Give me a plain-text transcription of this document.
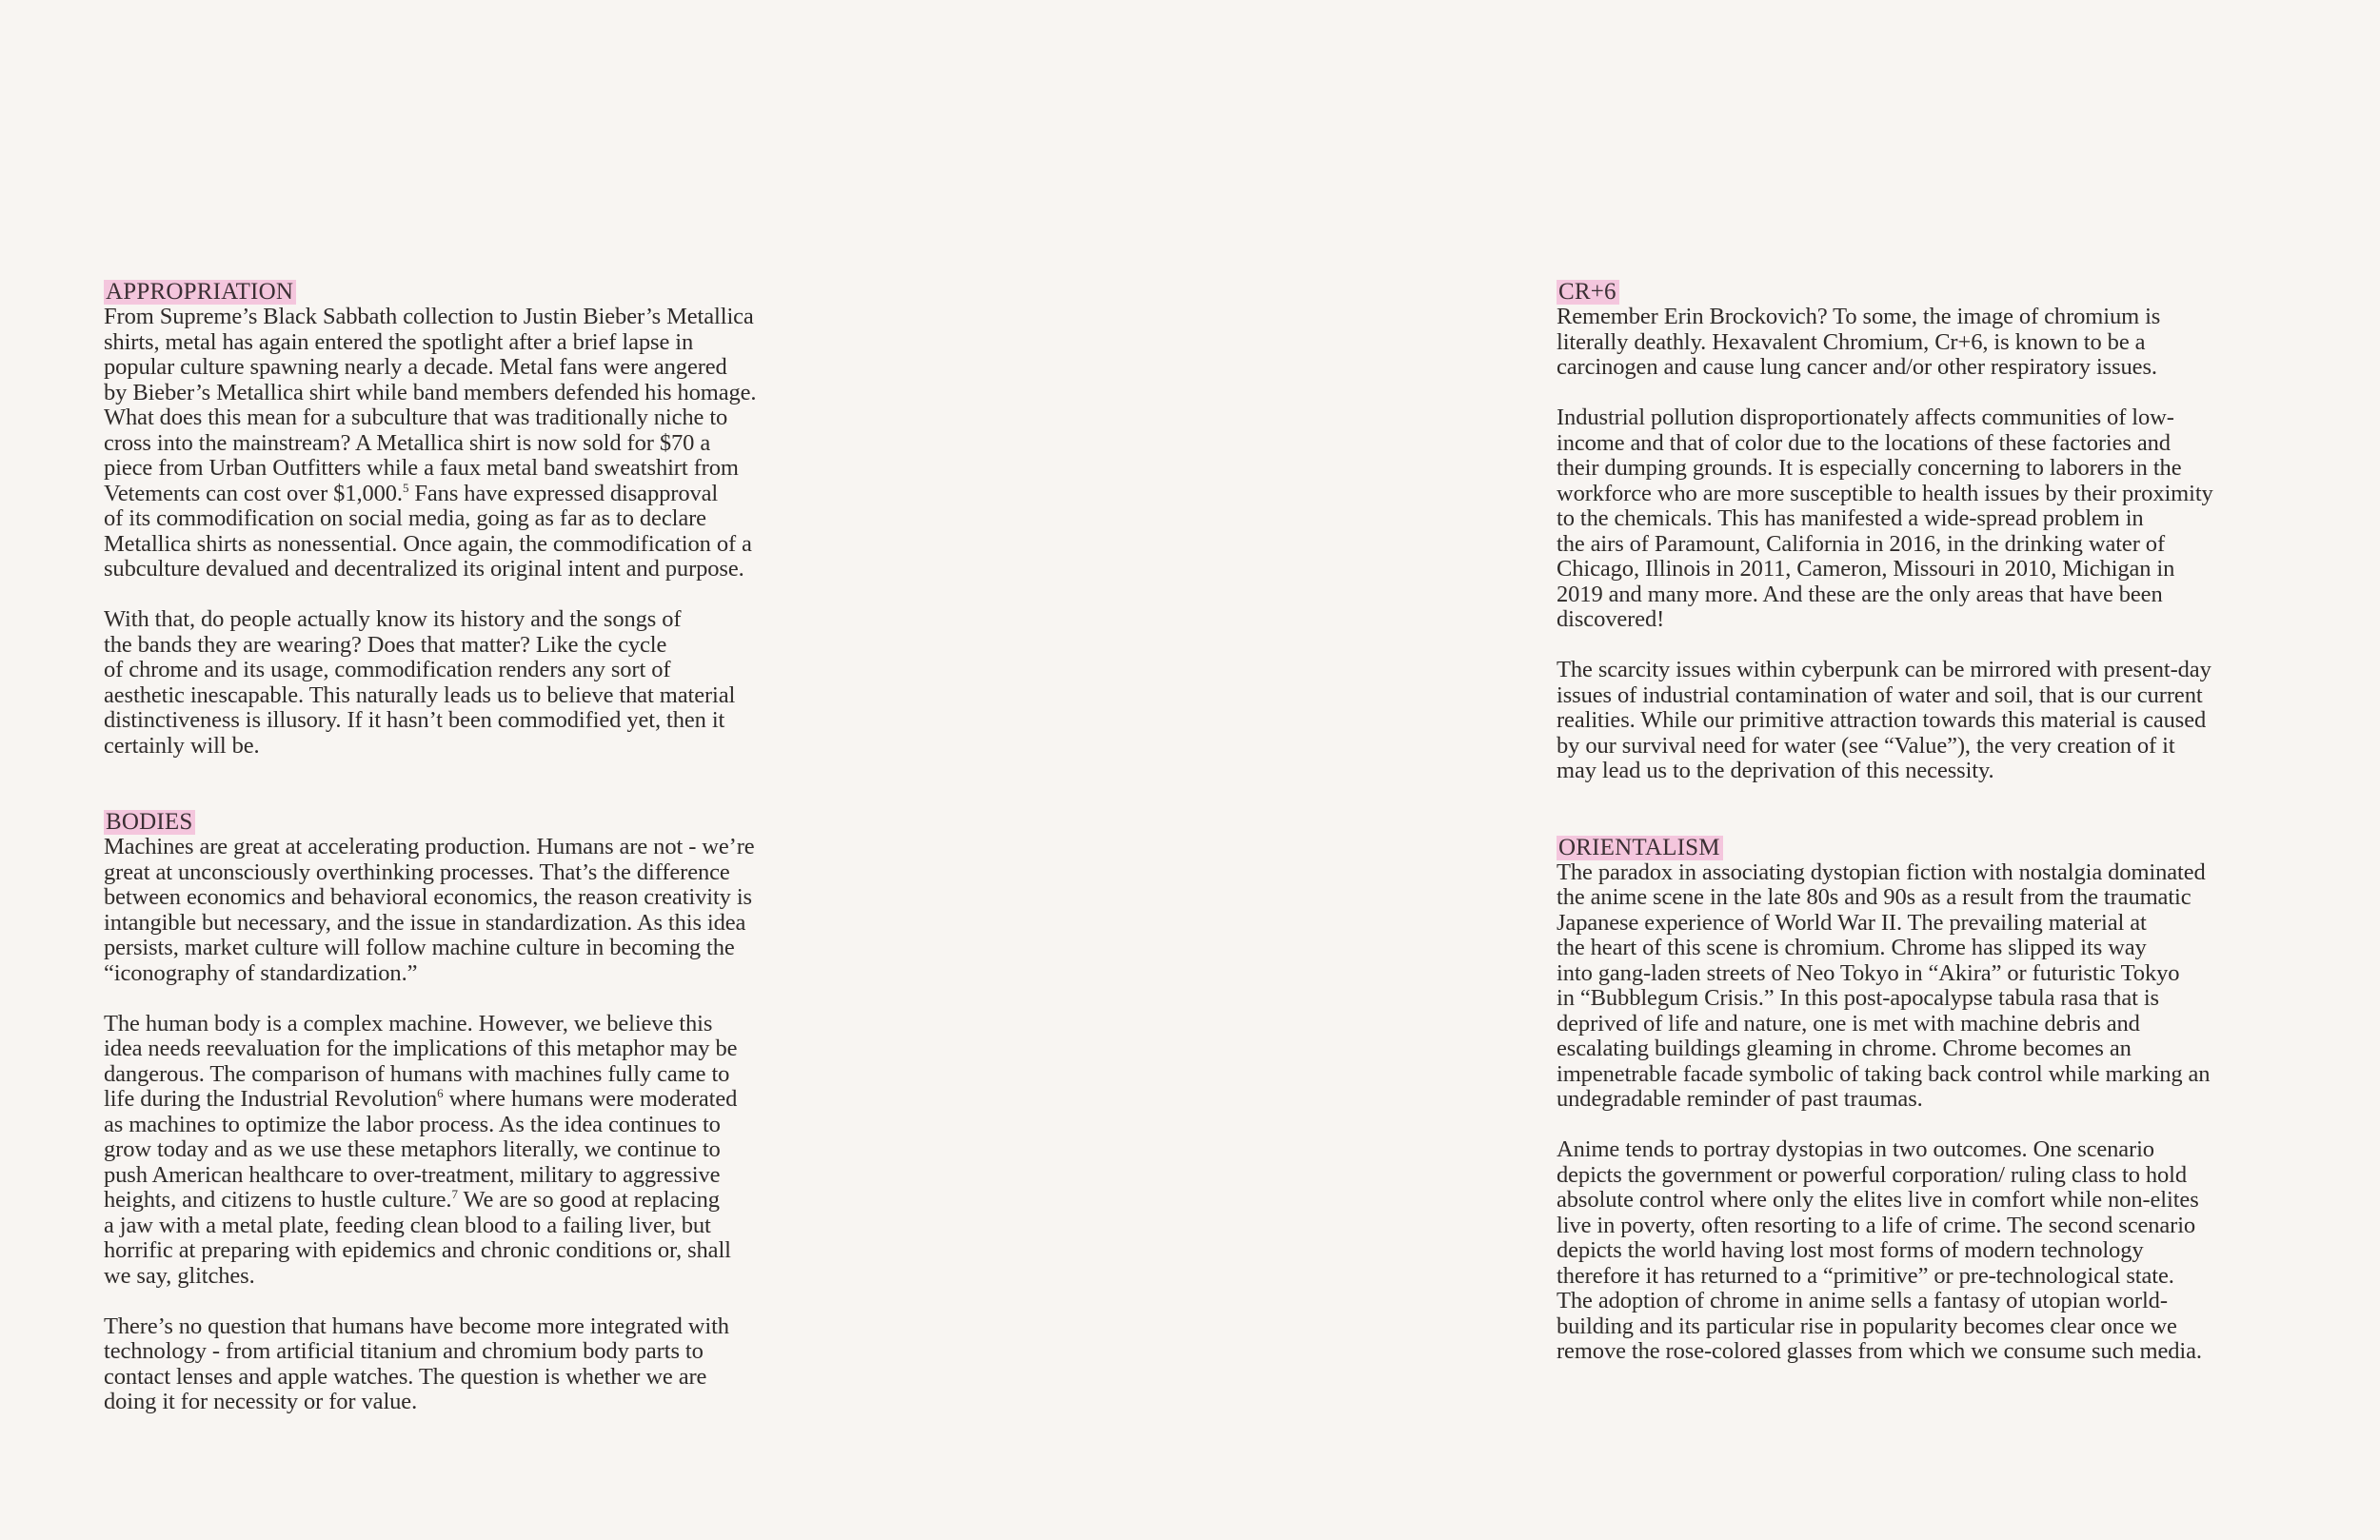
APPROPRIATION

From Supreme’s Black Sabbath collection to Justin Bieber’s Metallica
shirts, metal has again entered the spotlight after a brief lapse in
popular culture spawning nearly a decade. Metal fans were angered
by Bieber’s Metallica shirt while band members defended his homage.
What does this mean for a subculture that was traditionally niche to
cross into the mainstream? A Metallica shirt is now sold for $70 a
piece from Urban Outfitters while a faux metal band sweatshirt from
Vetements can cost over $1,000.$^5$ Fans have expressed disapproval
of its commodification on social media, going as far as to declare
Metallica shirts as nonessential. Once again, the commodification of a
subculture devalued and decentralized its original intent and purpose.

With that, do people actually know its history and the songs of
the bands they are wearing? Does that matter? Like the cycle
of chrome and its usage, commodification renders any sort of
aesthetic inescapable. This naturally leads us to believe that material
distinctiveness is illusory. If it hasn’t been commodified yet, then it
certainly will be.

BODIES

Machines are great at accelerating production. Humans are not - we’re
great at unconsciously overthinking processes. That’s the difference
between economics and behavioral economics, the reason creativity is
intangible but necessary, and the issue in standardization. As this idea
persists, market culture will follow machine culture in becoming the
“iconography of standardization.”

The human body is a complex machine. However, we believe this
idea needs reevaluation for the implications of this metaphor may be
dangerous. The comparison of humans with machines fully came to
life during the Industrial Revolution$^6$ where humans were moderated
as machines to optimize the labor process. As the idea continues to
grow today and as we use these metaphors literally, we continue to
push American healthcare to over-treatment, military to aggressive
heights, and citizens to hustle culture.$^7$ We are so good at replacing
a jaw with a metal plate, feeding clean blood to a failing liver, but
horrific at preparing with epidemics and chronic conditions or, shall
we say, glitches.

There’s no question that humans have become more integrated with
technology - from artificial titanium and chromium body parts to
contact lenses and apple watches. The question is whether we are
doing it for necessity or for value.

CR+6

Remember Erin Brockovich? To some, the image of chromium is
literally deathly. Hexavalent Chromium, Cr+6, is known to be a
carcinogen and cause lung cancer and/or other respiratory issues.

Industrial pollution disproportionately affects communities of low-
income and that of color due to the locations of these factories and
their dumping grounds. It is especially concerning to laborers in the
workforce who are more susceptible to health issues by their proximity
to the chemicals. This has manifested a wide-spread problem in
the airs of Paramount, California in 2016, in the drinking water of
Chicago, Illinois in 2011, Cameron, Missouri in 2010, Michigan in
2019 and many more. And these are the only areas that have been
discovered!

The scarcity issues within cyberpunk can be mirrored with present-day
issues of industrial contamination of water and soil, that is our current
realities. While our primitive attraction towards this material is caused
by our survival need for water (see “Value”), the very creation of it
may lead us to the deprivation of this necessity.

ORIENTALISM

The paradox in associating dystopian fiction with nostalgia dominated
the anime scene in the late 80s and 90s as a result from the traumatic
Japanese experience of World War II. The prevailing material at
the heart of this scene is chromium. Chrome has slipped its way
into gang-laden streets of Neo Tokyo in “Akira” or futuristic Tokyo
in “Bubblegum Crisis.” In this post-apocalypse tabula rasa that is
deprived of life and nature, one is met with machine debris and
escalating buildings gleaming in chrome. Chrome becomes an
impenetrable facade symbolic of taking back control while marking an
undegradable reminder of past traumas.

Anime tends to portray dystopias in two outcomes. One scenario
depicts the government or powerful corporation/ ruling class to hold
absolute control where only the elites live in comfort while non-elites
live in poverty, often resorting to a life of crime. The second scenario
depicts the world having lost most forms of modern technology
therefore it has returned to a “primitive” or pre-technological state.
The adoption of chrome in anime sells a fantasy of utopian world-
building and its particular rise in popularity becomes clear once we
remove the rose-colored glasses from which we consume such media.
